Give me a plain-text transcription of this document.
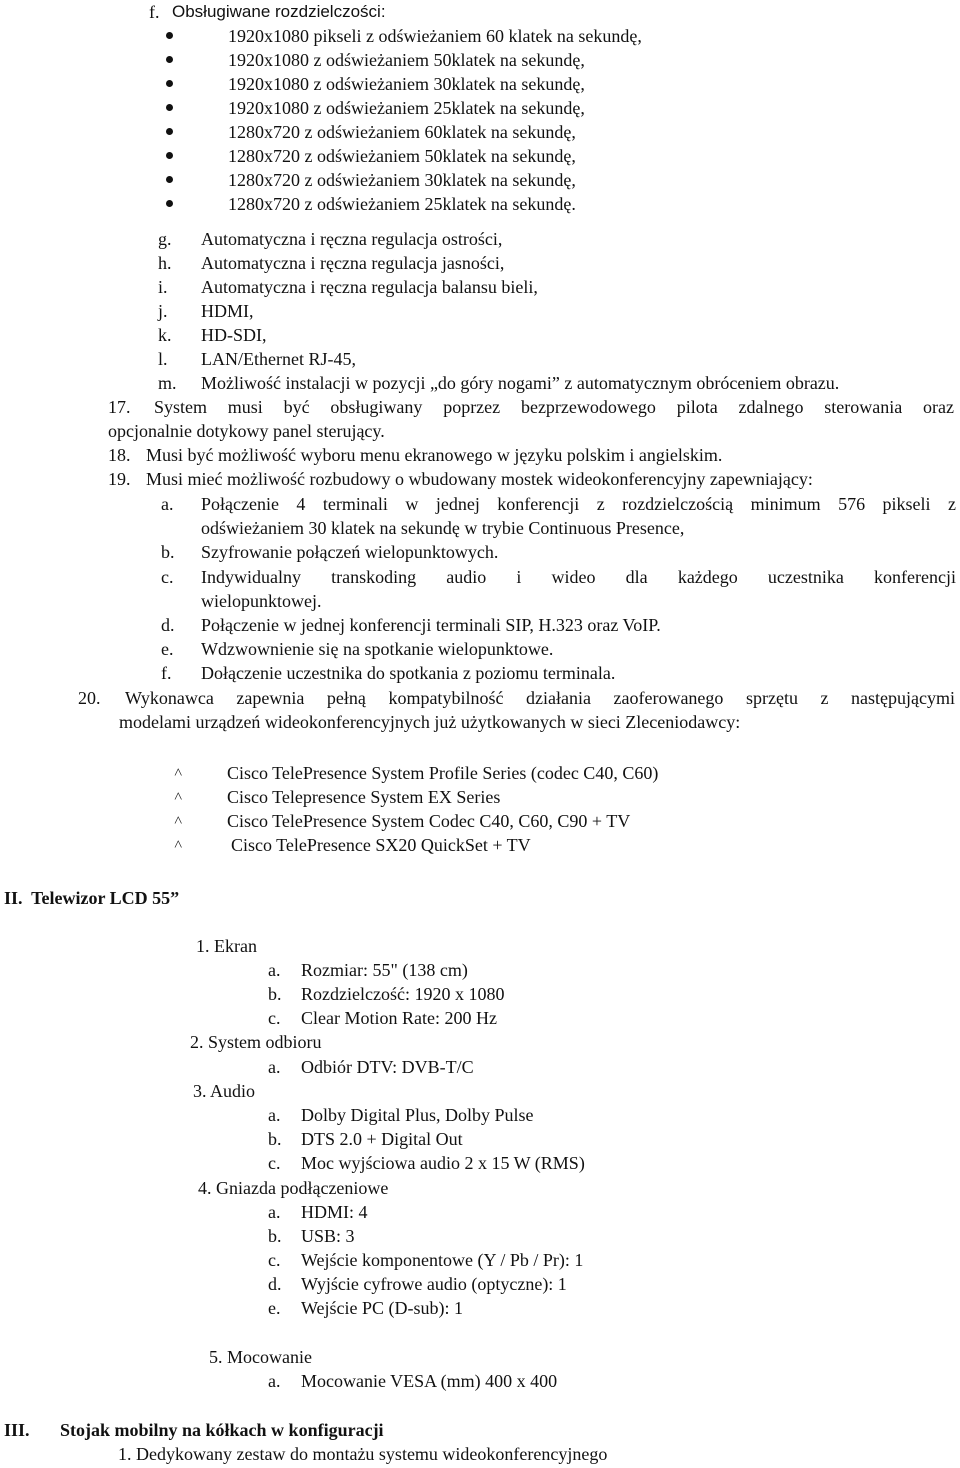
f. Obsługiwane rozdzielczości:
1920x1080 pikseli z odświeżaniem 60 klatek na sekundę,
1920x1080 z odświeżaniem 50klatek na sekundę,
1920x1080 z odświeżaniem 30klatek na sekundę,
1920x1080 z odświeżaniem 25klatek na sekundę,
1280x720 z odświeżaniem 60klatek na sekundę,
1280x720 z odświeżaniem 50klatek na sekundę,
1280x720 z odświeżaniem 30klatek na sekundę,
1280x720 z odświeżaniem 25klatek na sekundę.
g. Automatyczna i ręczna regulacja ostrości,
h. Automatyczna i ręczna regulacja jasności,
i. Automatyczna i ręczna regulacja balansu bieli,
j. HDMI,
k. HD-SDI,
l. LAN/Ethernet RJ-45,
m. Możliwość instalacji w pozycji „do góry nogami” z automatycznym obróceniem obrazu.
17. System musi być obsługiwany poprzez bezprzewodowego pilota zdalnego sterowania oraz
opcjonalnie dotykowy panel sterujący.
18. Musi być możliwość wyboru menu ekranowego w języku polskim i angielskim.
19. Musi mieć możliwość rozbudowy o wbudowany mostek wideokonferencyjny zapewniający:
a. Połączenie 4 terminali w jednej konferencji z rozdzielczością minimum 576 pikseli z
odświeżaniem 30 klatek na sekundę w trybie Continuous Presence,
b. Szyfrowanie połączeń wielopunktowych.
c. Indywidualny transkoding audio i wideo dla każdego uczestnika konferencji
wielopunktowej.
d. Połączenie w jednej konferencji terminali SIP, H.323 oraz VoIP.
e. Wdzwownienie się na spotkanie wielopunktowe.
f. Dołączenie uczestnika do spotkania z poziomu terminala.
20. Wykonawca zapewnia pełną kompatybilność działania zaoferowanego sprzętu z następującymi
modelami urządzeń wideokonferencyjnych już użytkowanych w sieci Zleceniodawcy:
˄ Cisco TelePresence System Profile Series (codec C40, C60)
˄ Cisco Telepresence System EX Series
˄ Cisco TelePresence System Codec C40, C60, C90 + TV
˄	Cisco TelePresence SX20 QuickSet + TV
II.  Telewizor LCD 55”
1. Ekran
a. Rozmiar: 55" (138 cm)
b. Rozdzielczość: 1920 x 1080
c. Clear Motion Rate: 200 Hz
2. System odbioru
a. Odbiór DTV: DVB-T/C
3. Audio
a. Dolby Digital Plus, Dolby Pulse
b. DTS 2.0 + Digital Out
c. Moc wyjściowa audio 2 x 15 W (RMS)
4. Gniazda podłączeniowe
a. HDMI: 4
b. USB: 3
c. Wejście komponentowe (Y / Pb / Pr): 1
d. Wyjście cyfrowe audio (optyczne): 1
e. Wejście PC (D-sub): 1
5. Mocowanie
a. Mocowanie VESA (mm) 400 x 400
III. Stojak mobilny na kółkach w konfiguracji
1. Dedykowany zestaw do montażu systemu wideokonferencyjnego
